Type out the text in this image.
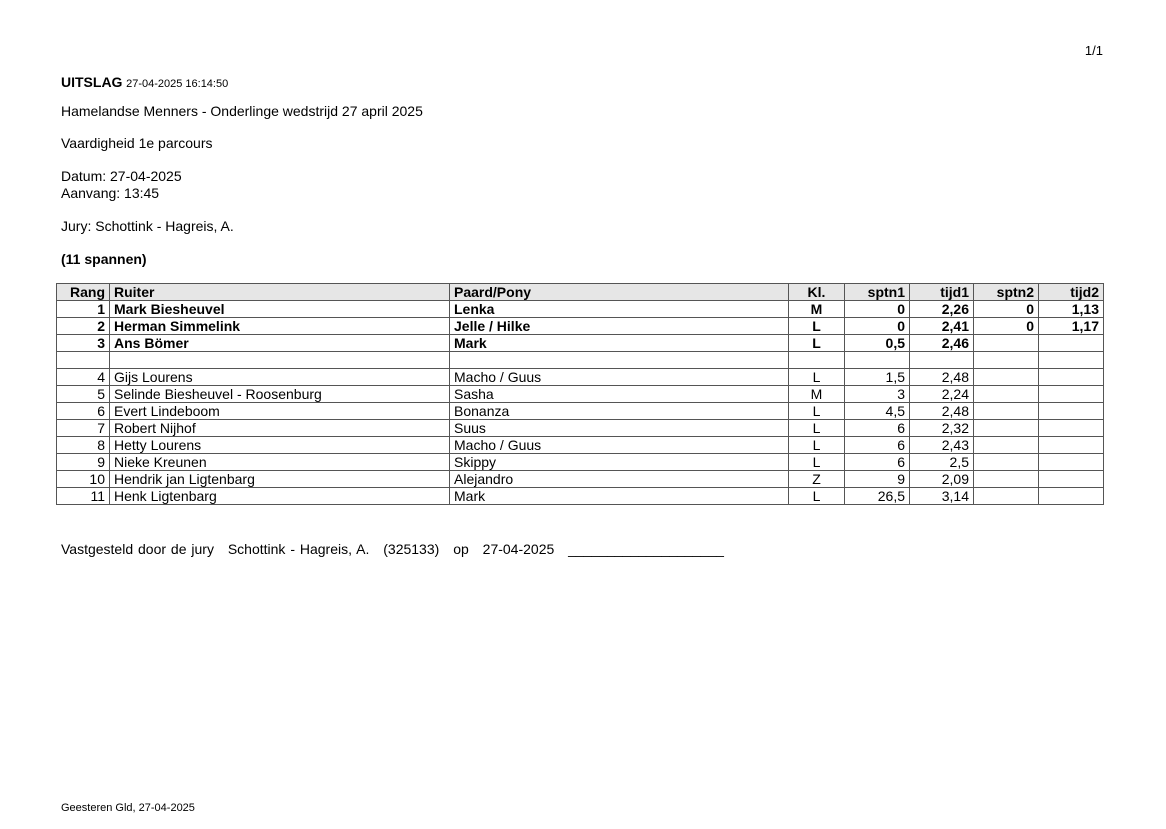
1/1
UITSLAG 27-04-2025 16:14:50
Hamelandse Menners - Onderlinge wedstrijd 27 april 2025
Vaardigheid 1e parcours
Datum: 27-04-2025
Aanvang: 13:45
Jury: Schottink - Hagreis, A.
(11 spannen)
Rang	Ruiter	Paard/Pony	Kl.	sptn1	tijd1	sptn2	tijd2
1	Mark Biesheuvel	Lenka	M	0	2,26	0	1,13
2	Herman Simmelink	Jelle / Hilke	L	0	2,41	0	1,17
3	Ans Bömer	Mark	L	0,5	2,46		

4	Gijs Lourens	Macho / Guus	L	1,5	2,48		
5	Selinde Biesheuvel - Roosenburg	Sasha	M	3	2,24		
6	Evert Lindeboom	Bonanza	L	4,5	2,48		
7	Robert Nijhof	Suus	L	6	2,32		
8	Hetty Lourens	Macho / Guus	L	6	2,43		
9	Nieke Kreunen	Skippy	L	6	2,5		
10	Hendrik jan Ligtenbarg	Alejandro	Z	9	2,09		
11	Henk Ligtenbarg	Mark	L	26,5	3,14		
Vastgesteld door de jury Schottink - Hagreis, A. (325133) op 27-04-2025 ____________________
Geesteren Gld, 27-04-2025
